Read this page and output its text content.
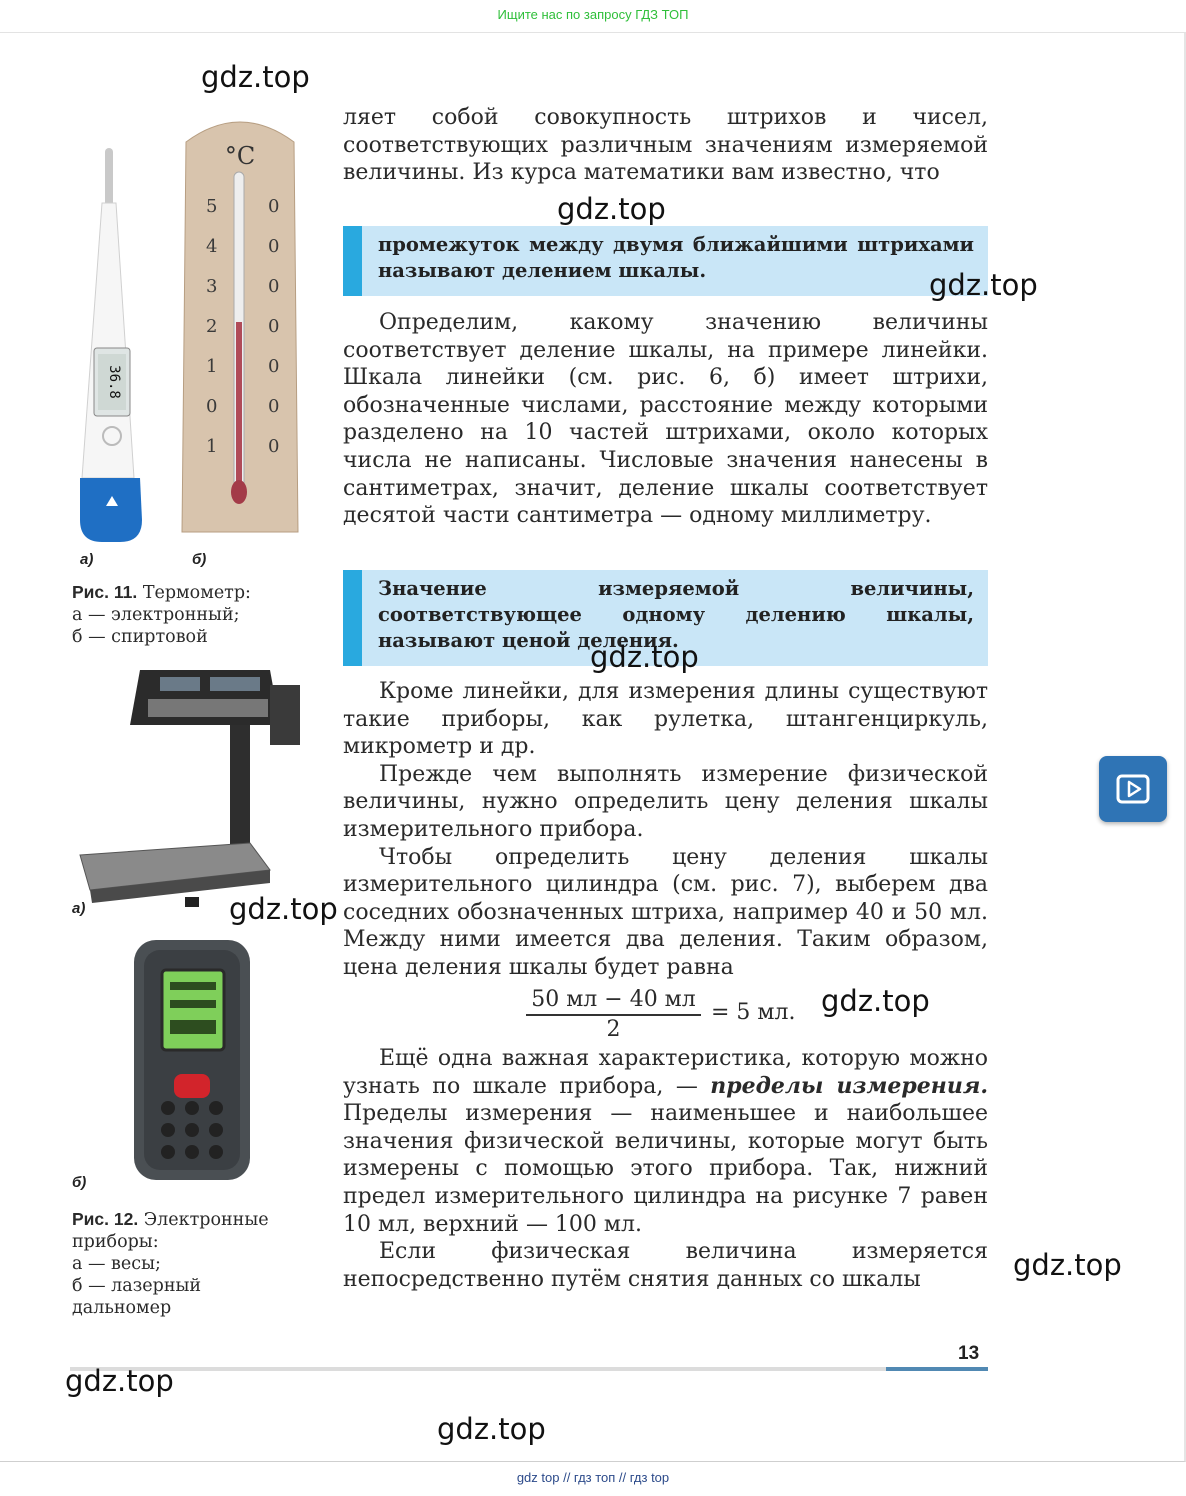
Ищите нас по запросу ГДЗ ТОП
36.8
°C
5
4
3
2
1
0
1
0
0
0
0
0
0
0
а)	б)
Рис. 11. Термометр:
а — электронный;
б — спиртовой
а)
б)
Рис. 12. Электронные
приборы:
а — весы;
б — лазерный
дальномер

ляет собой совокупность штрихов и чисел, соответствующих различным значениям измеряемой величины. Из курса математики вам известно, что

промежуток между двумя ближайшими штрихами называют делением шкалы.

Определим, какому значению величины соответствует деление шкалы, на примере линейки. Шкала линейки (см. рис. 6, б) имеет штрихи, обозначенные числами, расстояние между которыми разделено на 10 частей штрихами, около которых числа не написаны. Числовые значения нанесены в сантиметрах, значит, деление шкалы соответствует десятой части сантиметра — одному миллиметру.

Значение измеряемой величины, соответствующее одному делению шкалы, называют ценой деления.

Кроме линейки, для измерения длины существуют такие приборы, как рулетка, штангенциркуль, микрометр и др.

Прежде чем выполнять измерение физической величины, нужно определить цену деления шкалы измерительного прибора.

Чтобы определить цену деления шкалы измерительного цилиндра (см. рис. 7), выберем два соседних обозначенных штриха, например 40 и 50 мл. Между ними имеется два деления. Таким образом, цена деления шкалы будет равна

50 мл − 40 мл
2
= 5 мл.

Ещё одна важная характеристика, которую можно узнать по шкале прибора, — пределы измерения. Пределы измерения — наименьшее и наибольшее значения физической величины, которые могут быть измерены с помощью этого прибора. Так, нижний предел измерительного цилиндра на рисунке 7 равен 10 мл, верхний — 100 мл.

Если физическая величина измеряется непосредственно путём снятия данных со шкалы

13
gdz.top
gdz.top
gdz.top
gdz.top
gdz.top
gdz.top
gdz.top
gdz.top
gdz.top
gdz top // гдз топ // гдз top
